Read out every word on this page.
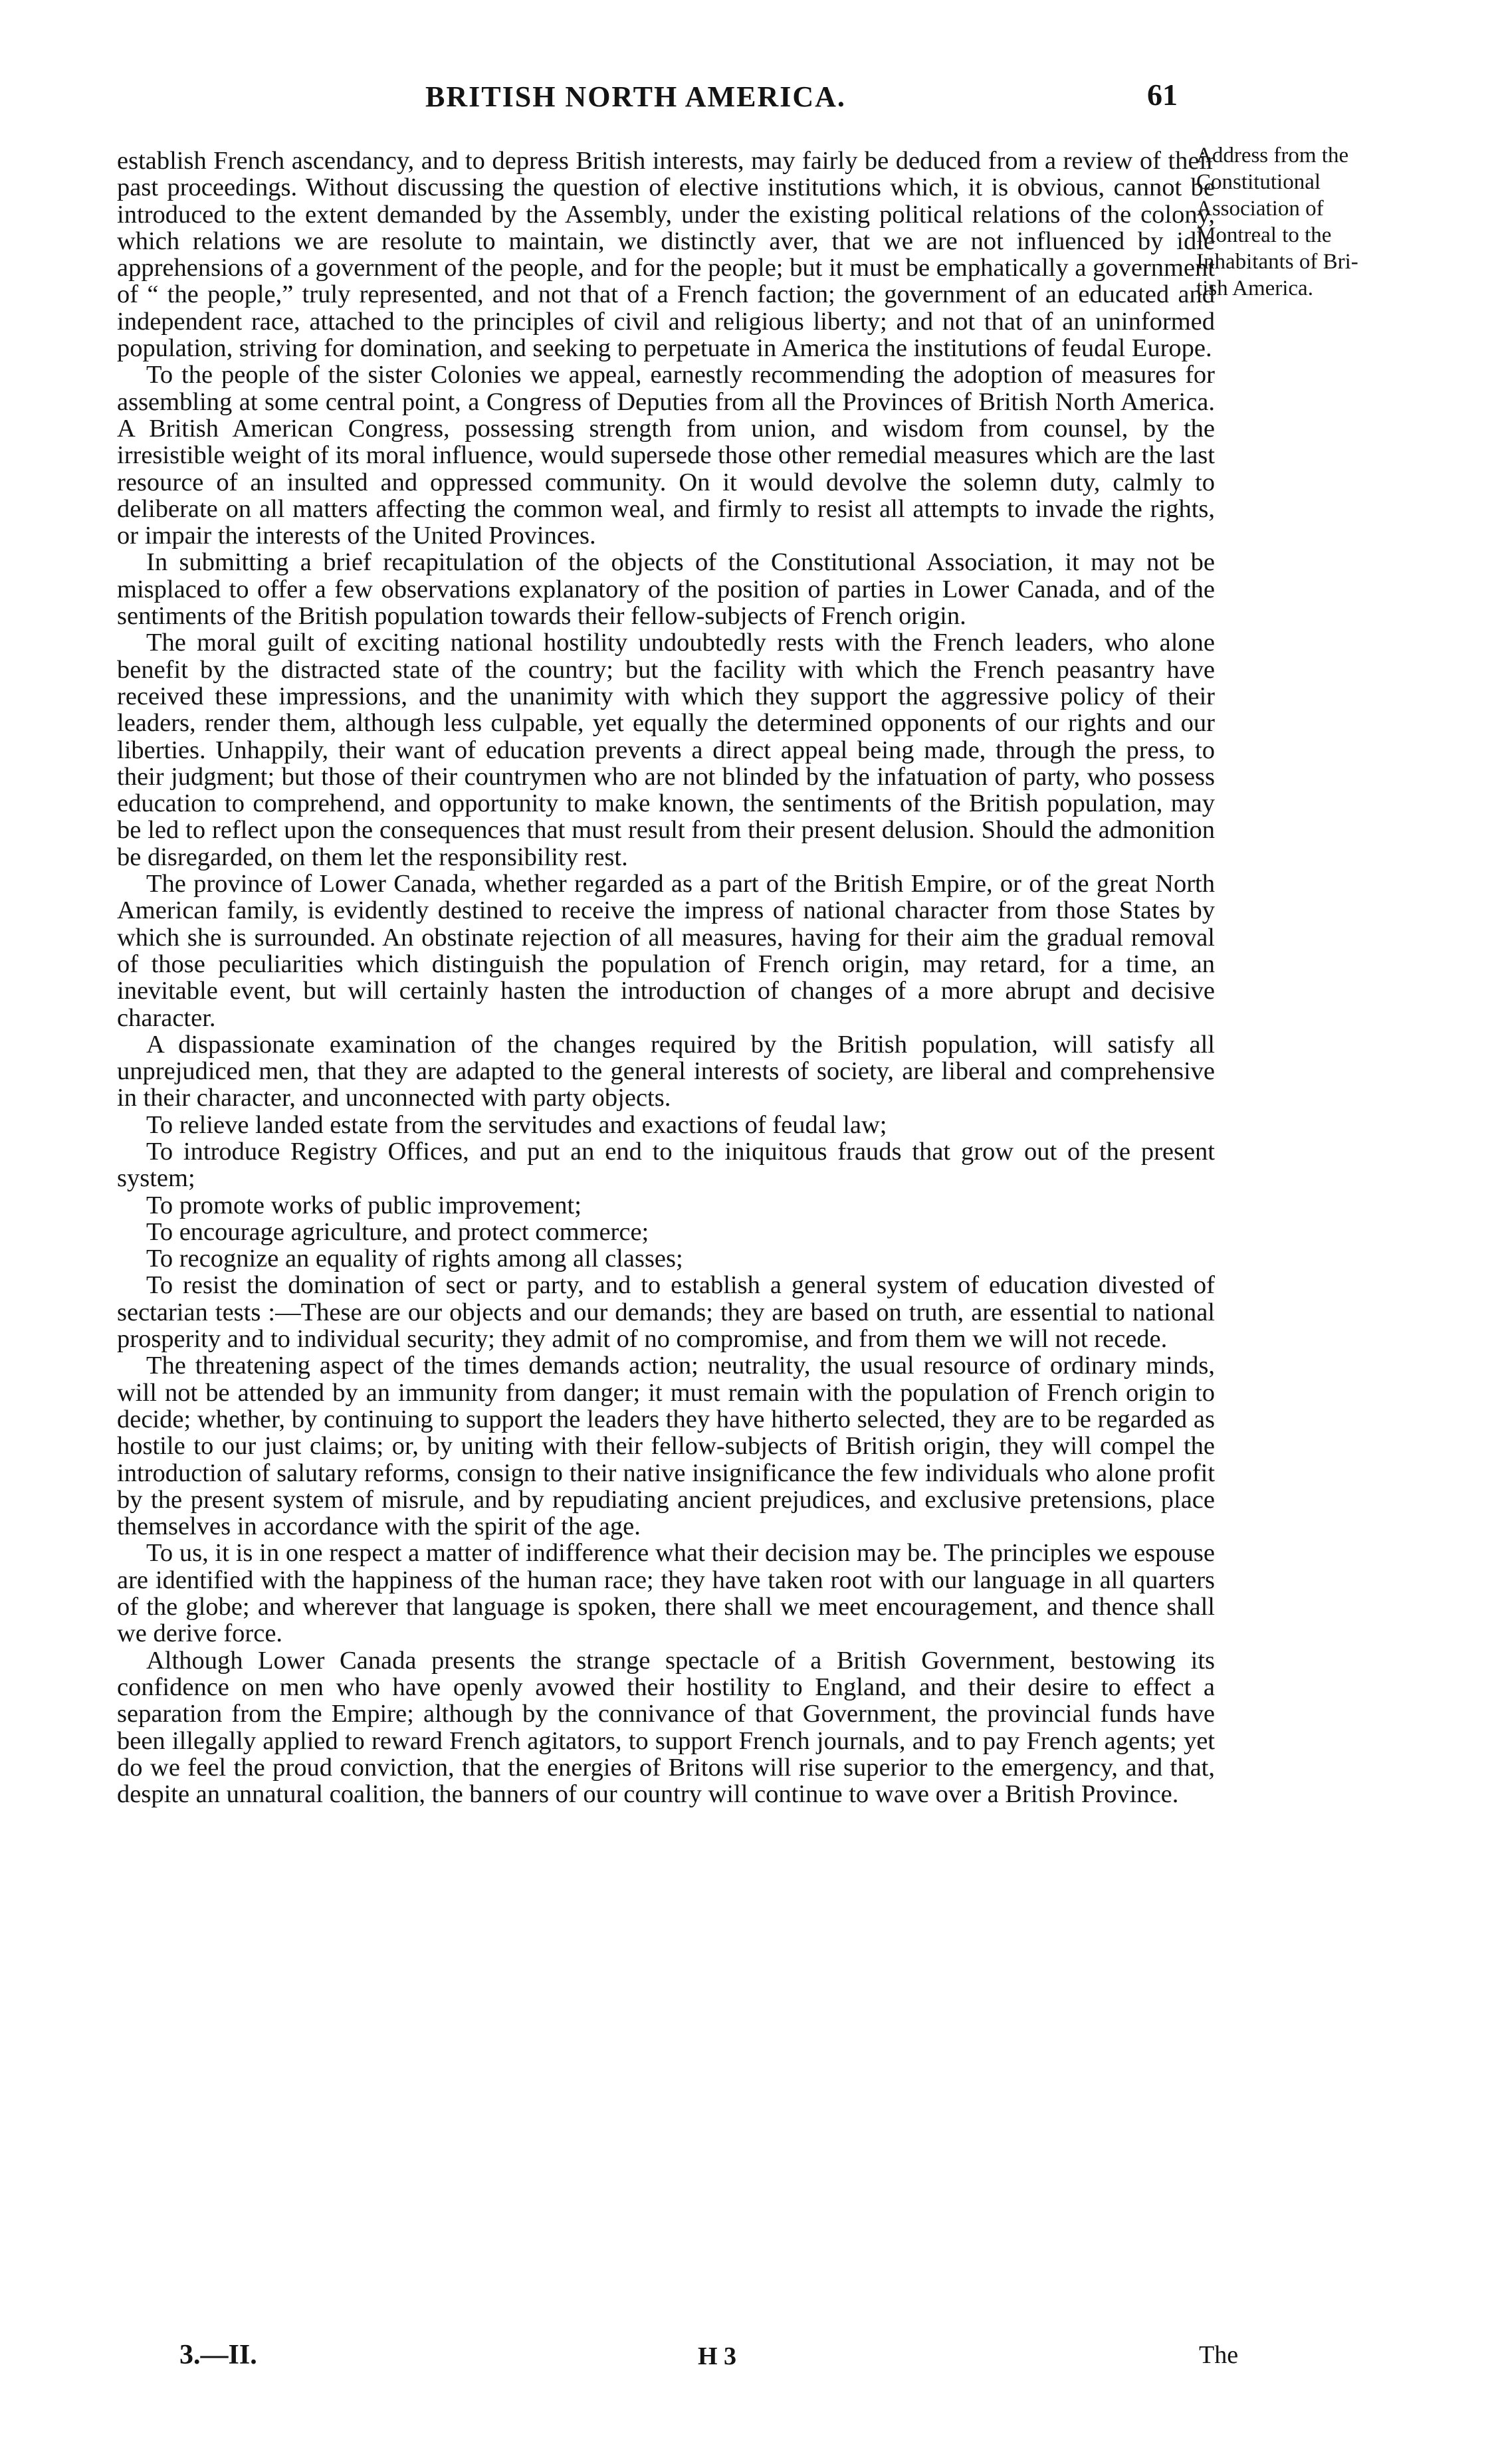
BRITISH NORTH AMERICA.	61
Address from the
Constitutional
Association of
Montreal to the
Inhabitants of Bri-
tish America.

establish French ascendancy, and to depress British interests, may fairly be deduced from a review of their past proceedings. Without discussing the question of elective institutions which, it is obvious, cannot be introduced to the extent demanded by the Assembly, under the existing political relations of the colony, which relations we are resolute to maintain, we distinctly aver, that we are not influenced by idle apprehensions of a government of the people, and for the people; but it must be emphatically a government of “ the people,” truly represented, and not that of a French faction; the government of an educated and independent race, attached to the principles of civil and religious liberty; and not that of an uninformed population, striving for domination, and seeking to perpetuate in America the institutions of feudal Europe.

To the people of the sister Colonies we appeal, earnestly recommending the adoption of measures for assembling at some central point, a Congress of Deputies from all the Provinces of British North America. A British American Congress, possessing strength from union, and wisdom from counsel, by the irresistible weight of its moral influence, would supersede those other remedial measures which are the last resource of an insulted and oppressed community. On it would devolve the solemn duty, calmly to deliberate on all matters affecting the common weal, and firmly to resist all attempts to invade the rights, or impair the interests of the United Provinces.

In submitting a brief recapitulation of the objects of the Constitutional Association, it may not be misplaced to offer a few observations explanatory of the position of parties in Lower Canada, and of the sentiments of the British population towards their fellow-subjects of French origin.

The moral guilt of exciting national hostility undoubtedly rests with the French leaders, who alone benefit by the distracted state of the country; but the facility with which the French peasantry have received these impressions, and the unanimity with which they support the aggressive policy of their leaders, render them, although less culpable, yet equally the determined opponents of our rights and our liberties. Unhappily, their want of education prevents a direct appeal being made, through the press, to their judgment; but those of their countrymen who are not blinded by the infatuation of party, who possess education to comprehend, and opportunity to make known, the sentiments of the British population, may be led to reflect upon the consequences that must result from their present delusion. Should the admonition be disregarded, on them let the responsibility rest.

The province of Lower Canada, whether regarded as a part of the British Empire, or of the great North American family, is evidently destined to receive the impress of national character from those States by which she is surrounded. An obstinate rejection of all measures, having for their aim the gradual removal of those peculiarities which distinguish the population of French origin, may retard, for a time, an inevitable event, but will certainly hasten the introduction of changes of a more abrupt and decisive character.

A dispassionate examination of the changes required by the British population, will satisfy all unprejudiced men, that they are adapted to the general interests of society, are liberal and comprehensive in their character, and unconnected with party objects.

To relieve landed estate from the servitudes and exactions of feudal law;

To introduce Registry Offices, and put an end to the iniquitous frauds that grow out of the present system;

To promote works of public improvement;

To encourage agriculture, and protect commerce;

To recognize an equality of rights among all classes;

To resist the domination of sect or party, and to establish a general system of education divested of sectarian tests :—These are our objects and our demands; they are based on truth, are essential to national prosperity and to individual security; they admit of no compromise, and from them we will not recede.

The threatening aspect of the times demands action; neutrality, the usual resource of ordinary minds, will not be attended by an immunity from danger; it must remain with the population of French origin to decide; whether, by continuing to support the leaders they have hitherto selected, they are to be regarded as hostile to our just claims; or, by uniting with their fellow-subjects of British origin, they will compel the introduction of salutary reforms, consign to their native insignificance the few individuals who alone profit by the present system of misrule, and by repudiating ancient prejudices, and exclusive pretensions, place themselves in accordance with the spirit of the age.

To us, it is in one respect a matter of indifference what their decision may be. The principles we espouse are identified with the happiness of the human race; they have taken root with our language in all quarters of the globe; and wherever that language is spoken, there shall we meet encouragement, and thence shall we derive force.

Although Lower Canada presents the strange spectacle of a British Government, bestowing its confidence on men who have openly avowed their hostility to England, and their desire to effect a separation from the Empire; although by the connivance of that Government, the provincial funds have been illegally applied to reward French agitators, to support French journals, and to pay French agents; yet do we feel the proud conviction, that the energies of Britons will rise superior to the emergency, and that, despite an unnatural coalition, the banners of our country will continue to wave over a British Province.

3.—II.	H 3	The
